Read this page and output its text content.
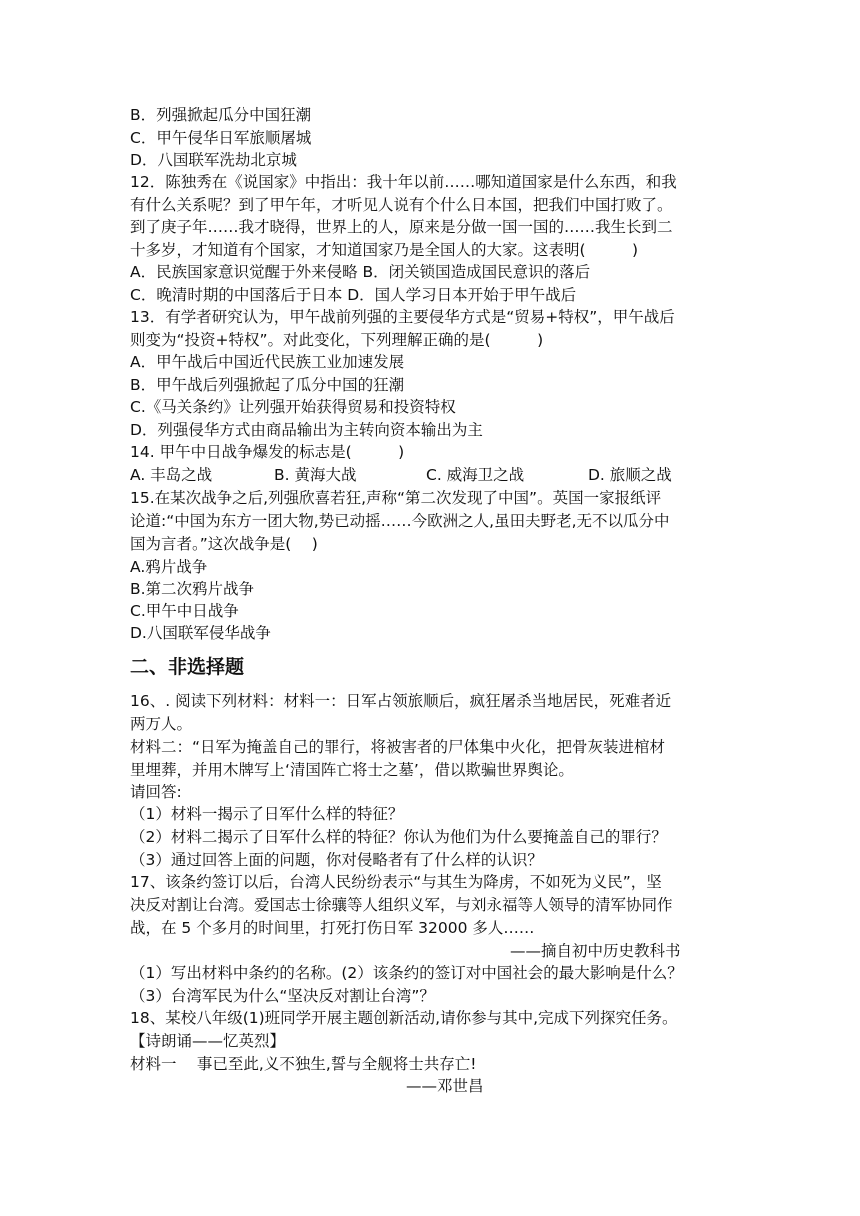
B．列强掀起瓜分中国狂潮
C．甲午侵华日军旅顺屠城
D．八国联军洗劫北京城
12．陈独秀在《说国家》中指出：我十年以前……哪知道国家是什么东西，和我
有什么关系呢？到了甲午年，才听见人说有个什么日本国，把我们中国打败了。
到了庚子年……我才晓得，世界上的人，原来是分做一国一国的……我生长到二
十多岁，才知道有个国家，才知道国家乃是全国人的大家。这表明(　　　)
A．民族国家意识觉醒于外来侵略 B．闭关锁国造成国民意识的落后
C．晚清时期的中国落后于日本 D．国人学习日本开始于甲午战后
13．有学者研究认为，甲午战前列强的主要侵华方式是“贸易+特权”，甲午战后
则变为“投资+特权”。对此变化，下列理解正确的是(　　　)
A．甲午战后中国近代民族工业加速发展
B．甲午战后列强掀起了瓜分中国的狂潮
C.《马关条约》让列强开始获得贸易和投资特权
D．列强侵华方式由商品输出为主转向资本输出为主
14. 甲午中日战争爆发的标志是(　　　)

A. 丰岛之战

	B. 黄海大战

	C. 威海卫之战

	D. 旅顺之战

15.在某次战争之后,列强欣喜若狂,声称“第二次发现了中国”。英国一家报纸评
论道:“中国为东方一团大物,势已动摇……今欧洲之人,虽田夫野老,无不以瓜分中
国为言者。”这次战争是(　 )
A.鸦片战争
B.第二次鸦片战争
C.甲午中日战争
D.八国联军侵华战争
二、非选择题
16、. 阅读下列材料：材料一：日军占领旅顺后，疯狂屠杀当地居民，死难者近
两万人。
材料二：“日军为掩盖自己的罪行，将被害者的尸体集中火化，把骨灰装进棺材
里埋葬，并用木牌写上‘清国阵亡将士之墓’，借以欺骗世界舆论。
请回答:
（1）材料一揭示了日军什么样的特征？
（2）材料二揭示了日军什么样的特征？你认为他们为什么要掩盖自己的罪行？
（3）通过回答上面的问题，你对侵略者有了什么样的认识？
17、该条约签订以后，台湾人民纷纷表示“与其生为降虏，不如死为义民”，坚
决反对割让台湾。爱国志士徐骧等人组织义军，与刘永福等人领导的清军协同作
战，在 5 个多月的时间里，打死打伤日军 32000 多人……
——摘自初中历史教科书
（1）写出材料中条约的名称。(2）该条约的签订对中国社会的最大影响是什么？
（3）台湾军民为什么“坚决反对割让台湾”？
18、某校八年级(1)班同学开展主题创新活动,请你参与其中,完成下列探究任务。
【诗朗诵——忆英烈】
材料一　 事已至此,义不独生,誓与全舰将士共存亡!
——邓世昌
